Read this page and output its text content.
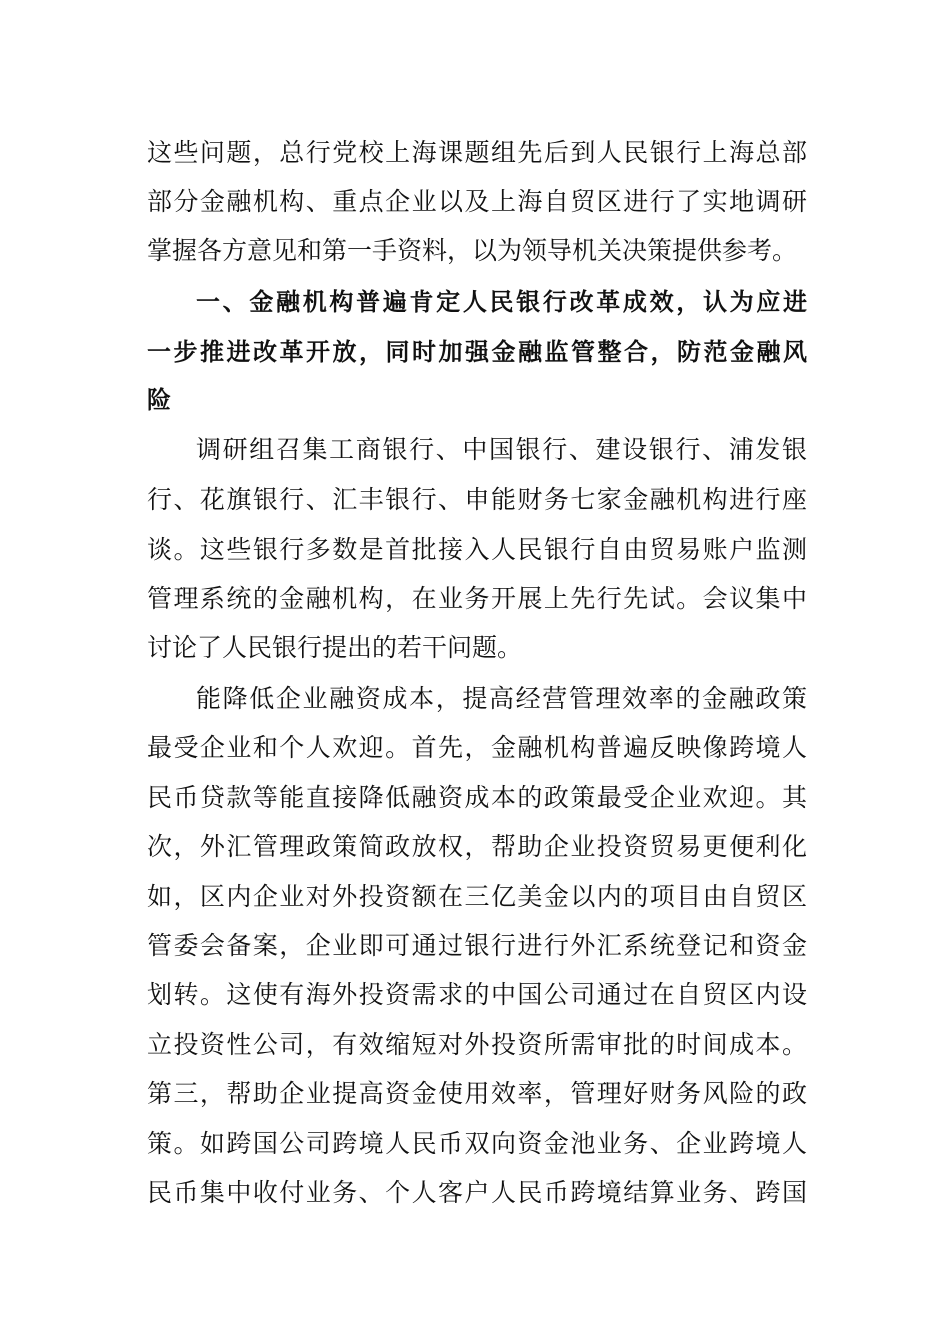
这些问题，总行党校上海课题组先后到人民银行上海总部
部分金融机构、重点企业以及上海自贸区进行了实地调研
掌握各方意见和第一手资料，以为领导机关决策提供参考。
一、金融机构普遍肯定人民银行改革成效，认为应进
一步推进改革开放，同时加强金融监管整合，防范金融风
险
调研组召集工商银行、中国银行、建设银行、浦发银
行、花旗银行、汇丰银行、申能财务七家金融机构进行座
谈。这些银行多数是首批接入人民银行自由贸易账户监测
管理系统的金融机构，在业务开展上先行先试。会议集中
讨论了人民银行提出的若干问题。
能降低企业融资成本，提高经营管理效率的金融政策
最受企业和个人欢迎。首先，金融机构普遍反映像跨境人
民币贷款等能直接降低融资成本的政策最受企业欢迎。其
次，外汇管理政策简政放权，帮助企业投资贸易更便利化
如，区内企业对外投资额在三亿美金以内的项目由自贸区
管委会备案，企业即可通过银行进行外汇系统登记和资金
划转。这使有海外投资需求的中国公司通过在自贸区内设
立投资性公司，有效缩短对外投资所需审批的时间成本。
第三，帮助企业提高资金使用效率，管理好财务风险的政
策。如跨国公司跨境人民币双向资金池业务、企业跨境人
民币集中收付业务、个人客户人民币跨境结算业务、跨国
